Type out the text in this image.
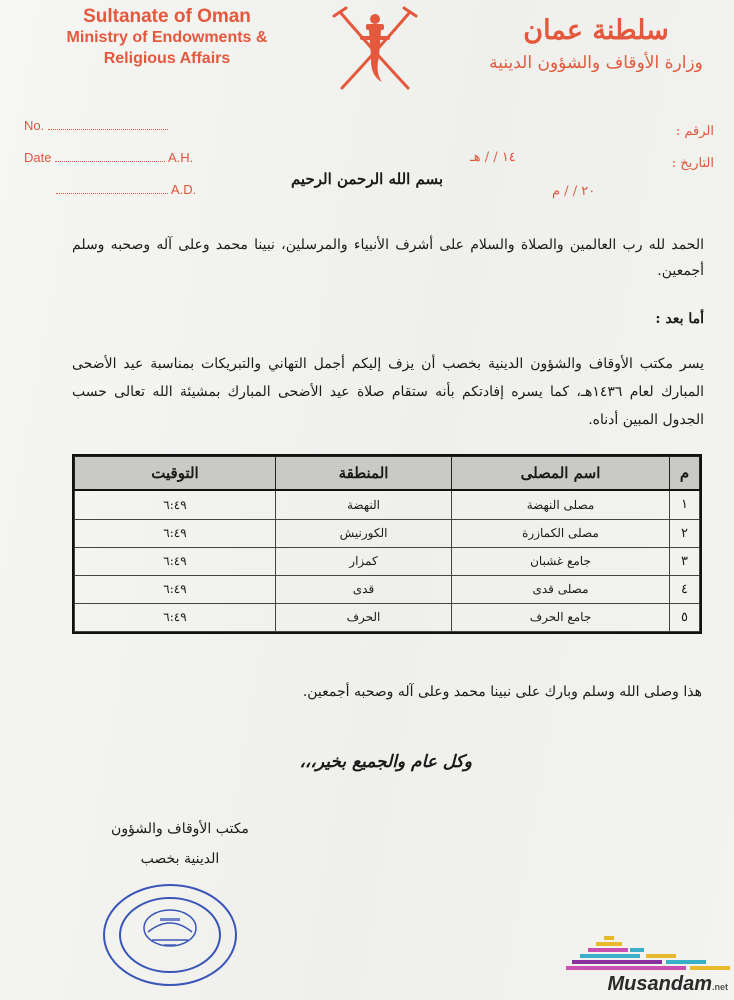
Sultanate of Oman
Ministry of Endowments &
Religious Affairs
سلطنة عمان
وزارة الأوقاف والشؤون الدينية
No.
Date	A.H.
A.D.
الرقم :
التاريخ :
١٤ / / هـ
٢٠ / / م
بسم الله الرحمن الرحيم
الحمد لله رب العالمين والصلاة والسلام على أشرف الأنبياء والمرسلين، نبينا محمد وعلى آله وصحبه وسلم أجمعين.
أما بعد :
يسر مكتب الأوقاف والشؤون الدينية بخصب أن يزف إليكم أجمل التهاني والتبريكات بمناسبة عيد الأضحى المبارك لعام ١٤٣٦هـ، كما يسره إفادتكم بأنه ستقام صلاة عيد الأضحى المبارك بمشيئة الله تعالى حسب الجدول المبين أدناه.
م	اسم المصلى	المنطقة	التوقيت
١	مصلى النهضة	النهضة	٦:٤٩
٢	مصلى الكمازرة	الكورنيش	٦:٤٩
٣	جامع غشبان	كمزار	٦:٤٩
٤	مصلى قدى	قدى	٦:٤٩
٥	جامع الحرف	الحرف	٦:٤٩
هذا وصلى الله وسلم وبارك على نبينا محمد وعلى آله وصحبه أجمعين.
وكل عام والجميع بخير،،،
مكتب الأوقاف والشؤون
الدينية بخصب
Musandam.net
